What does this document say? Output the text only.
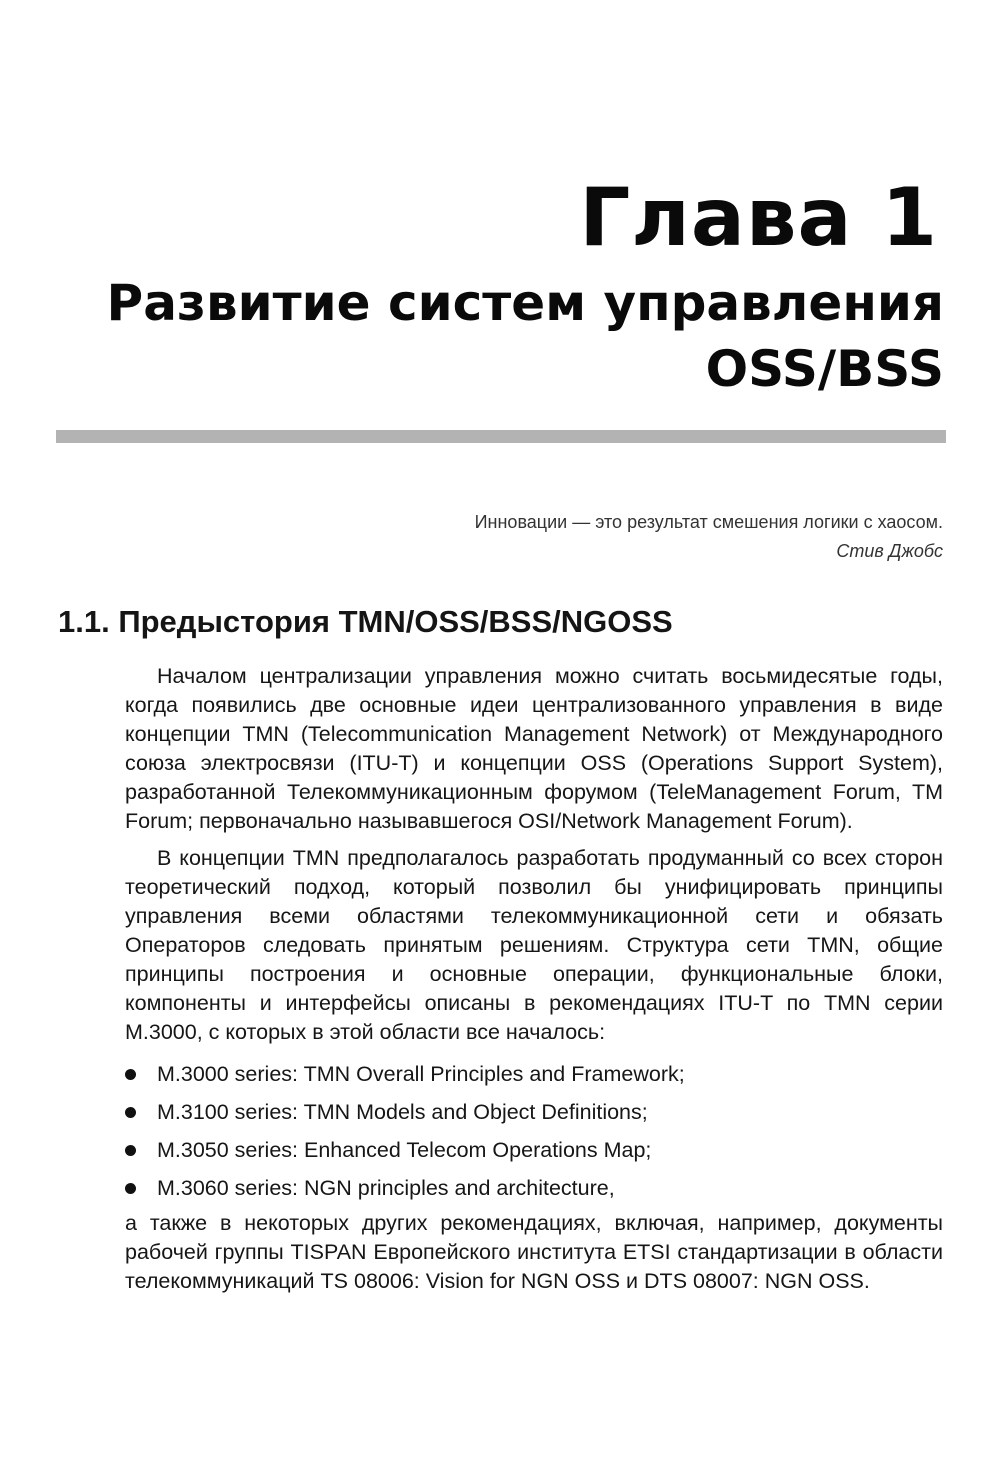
Глава 1
Развитие систем управления
OSS/BSS
Инновации — это результат смешения логики с хаосом.
Стив Джобс
1.1. Предыстория TMN/OSS/BSS/NGOSS

Началом централизации управления можно считать восьмидесятые годы, когда появились две основные идеи централизованного управления в виде концепции TMN (Telecommunication Management Network) от Международного союза электросвязи (ITU-T) и концепции OSS (Operations Support System), разработанной Телекоммуникационным форумом (TeleManagement Forum, TM Forum; первоначально называвшегося OSI/Network Management Forum).

В концепции TMN предполагалось разработать продуманный со всех сторон теоретический подход, который позволил бы унифицировать принципы управления всеми областями телекоммуникационной сети и обязать Операторов следовать принятым решениям. Структура сети TMN, общие принципы построения и основные операции, функциональные блоки, компоненты и интерфейсы описаны в рекомендациях ITU-T по TMN серии M.3000, с которых в этой области все началось:

M.3000 series: TMN Overall Principles and Framework;
M.3100 series: TMN Models and Object Definitions;
M.3050 series: Enhanced Telecom Operations Map;
M.3060 series: NGN principles and architecture,

а также в некоторых других рекомендациях, включая, например, документы рабочей группы TISPAN Европейского института ETSI стандартизации в области телекоммуникаций TS 08006: Vision for NGN OSS и DTS 08007: NGN OSS.
